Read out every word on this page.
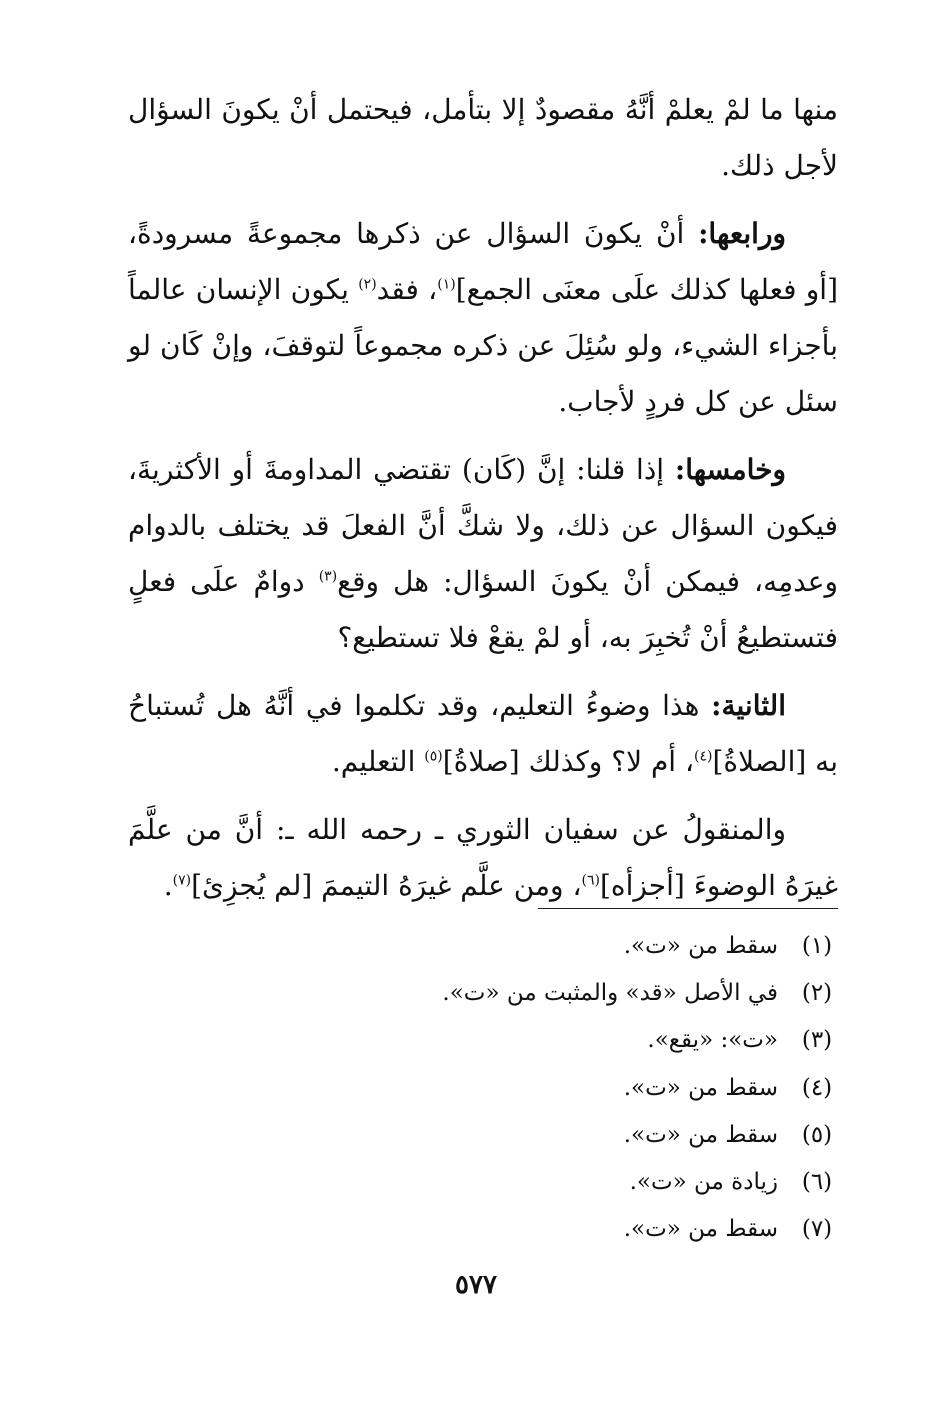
منها ما لمْ يعلمْ أنَّهُ مقصودٌ إلا بتأمل، فيحتمل أنْ يكونَ السؤال لأجل ذلك.

ورابعها: أنْ يكونَ السؤال عن ذكرها مجموعةً مسرودةً، [أو فعلها كذلك علَى معنَى الجمع]$^{(١)}$، فقد$^{(٢)}$ يكون الإنسان عالماً بأجزاء الشيء، ولو سُئِلَ عن ذكره مجموعاً لتوقفَ، وإنْ كَان لو سئل عن كل فردٍ لأجاب.

وخامسها: إذا قلنا: إنَّ (كَان) تقتضي المداومةَ أو الأكثريةَ، فيكون السؤال عن ذلك، ولا شكَّ أنَّ الفعلَ قد يختلف بالدوام وعدمِه، فيمكن أنْ يكونَ السؤال: هل وقع$^{(٣)}$ دوامٌ علَى فعلٍ فتستطيعُ أنْ تُخبِرَ به، أو لمْ يقعْ فلا تستطيع؟

الثانية: هذا وضوءُ التعليم، وقد تكلموا في أنَّهُ هل تُستباحُ به [الصلاةُ]$^{(٤)}$، أم لا؟ وكذلك [صلاةُ]$^{(٥)}$ التعليم.

والمنقولُ عن سفيان الثوري ـ رحمه الله ـ: أنَّ من علَّمَ غيرَهُ الوضوءَ [أجزأه]$^{(٦)}$، ومن علَّم غيرَهُ التيممَ [لم يُجزِئ]$^{(٧)}$.

(١)
سقط من «ت».
(٢)
في الأصل «قد» والمثبت من «ت».
(٣)
«ت»: «يقع».
(٤)
سقط من «ت».
(٥)
سقط من «ت».
(٦)
زيادة من «ت».
(٧)
سقط من «ت».
٥٧٧
